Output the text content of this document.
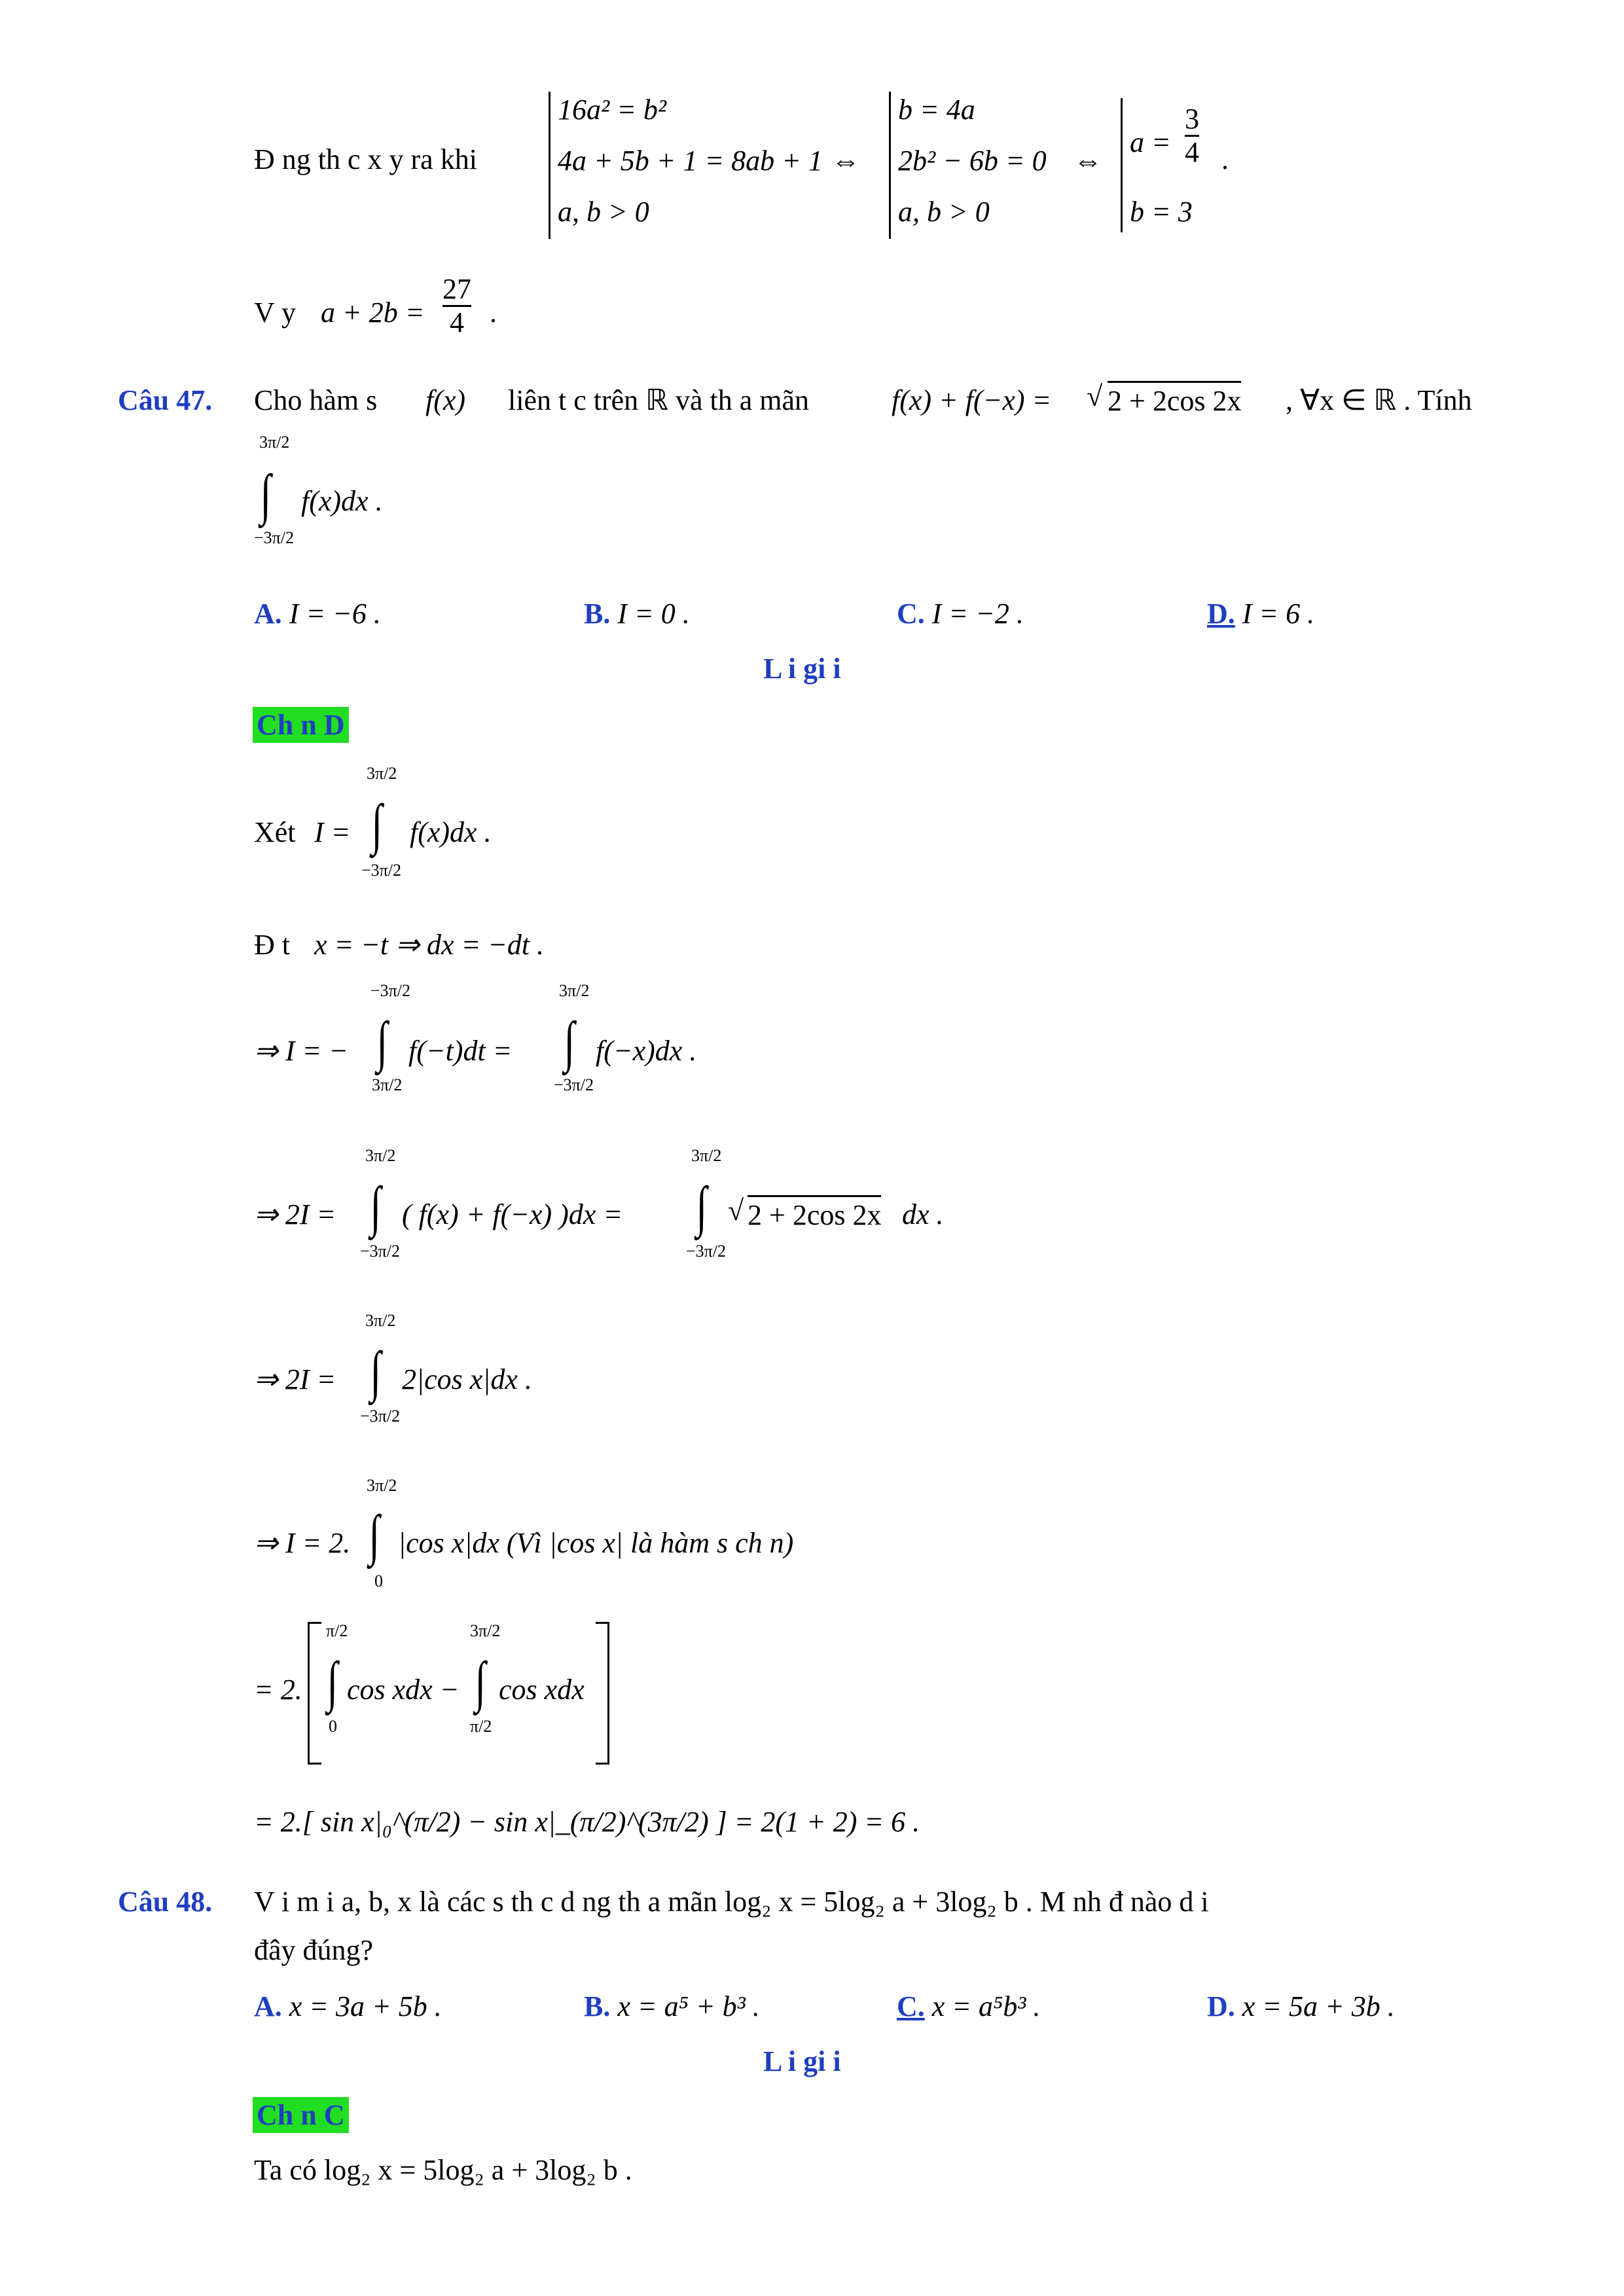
Đ ng th c x y ra khi
16a² = b²
4a + 5b + 1 = 8ab + 1
a, b > 0
⇔
b = 4a
2b² − 6b = 0
a, b > 0
⇔
$a = \frac{3}{4}$ .
b = 3
V y $a + 2b = \frac{27}{4}$ .
Câu 47. Cho hàm s f(x) liên t c trên ℝ và th a mãn	f(x) + f(−x) = √ 2 + 2cos 2x , ∀x ∈ ℝ . Tính
3π/2
∫
−3π/2
f(x)dx .
A. I = −6 .	B. I = 0 .	C. I = −2 .	D. I = 6 .
L i gi i
Ch n D
Xét I =
3π/2
∫
−3π/2
f(x)dx .
Đ t x = −t ⇒ dx = −dt .
⇒ I = −
−3π/2
∫
3π/2
f(−t)dt =
3π/2
∫
−3π/2
f(−x)dx .
⇒ 2I =
3π/2
∫
−3π/2
( f(x) + f(−x) )dx =
3π/2
∫
−3π/2
√ 2 + 2cos 2x dx .
⇒ 2I =
3π/2
∫
−3π/2
2|cos x|dx .
⇒ I = 2.
3π/2
∫
0
|cos x|dx (Vì |cos x| là hàm s ch n)
= 2.
π/2
∫
0
cos xdx −
3π/2
∫
π/2
cos xdx
= 2.[ sin x|₀^(π/2) − sin x|_(π/2)^(3π/2) ] = 2(1 + 2) = 6 .
Câu 48. V i m i a, b, x là các s th c d ng th a mãn log₂ x = 5log₂ a + 3log₂ b . M nh đ nào d i
đây đúng?
A. x = 3a + 5b .	B. x = a⁵ + b³ .	C. x = a⁵b³ .	D. x = 5a + 3b .
L i gi i
Ch n C
Ta có log₂ x = 5log₂ a + 3log₂ b .
